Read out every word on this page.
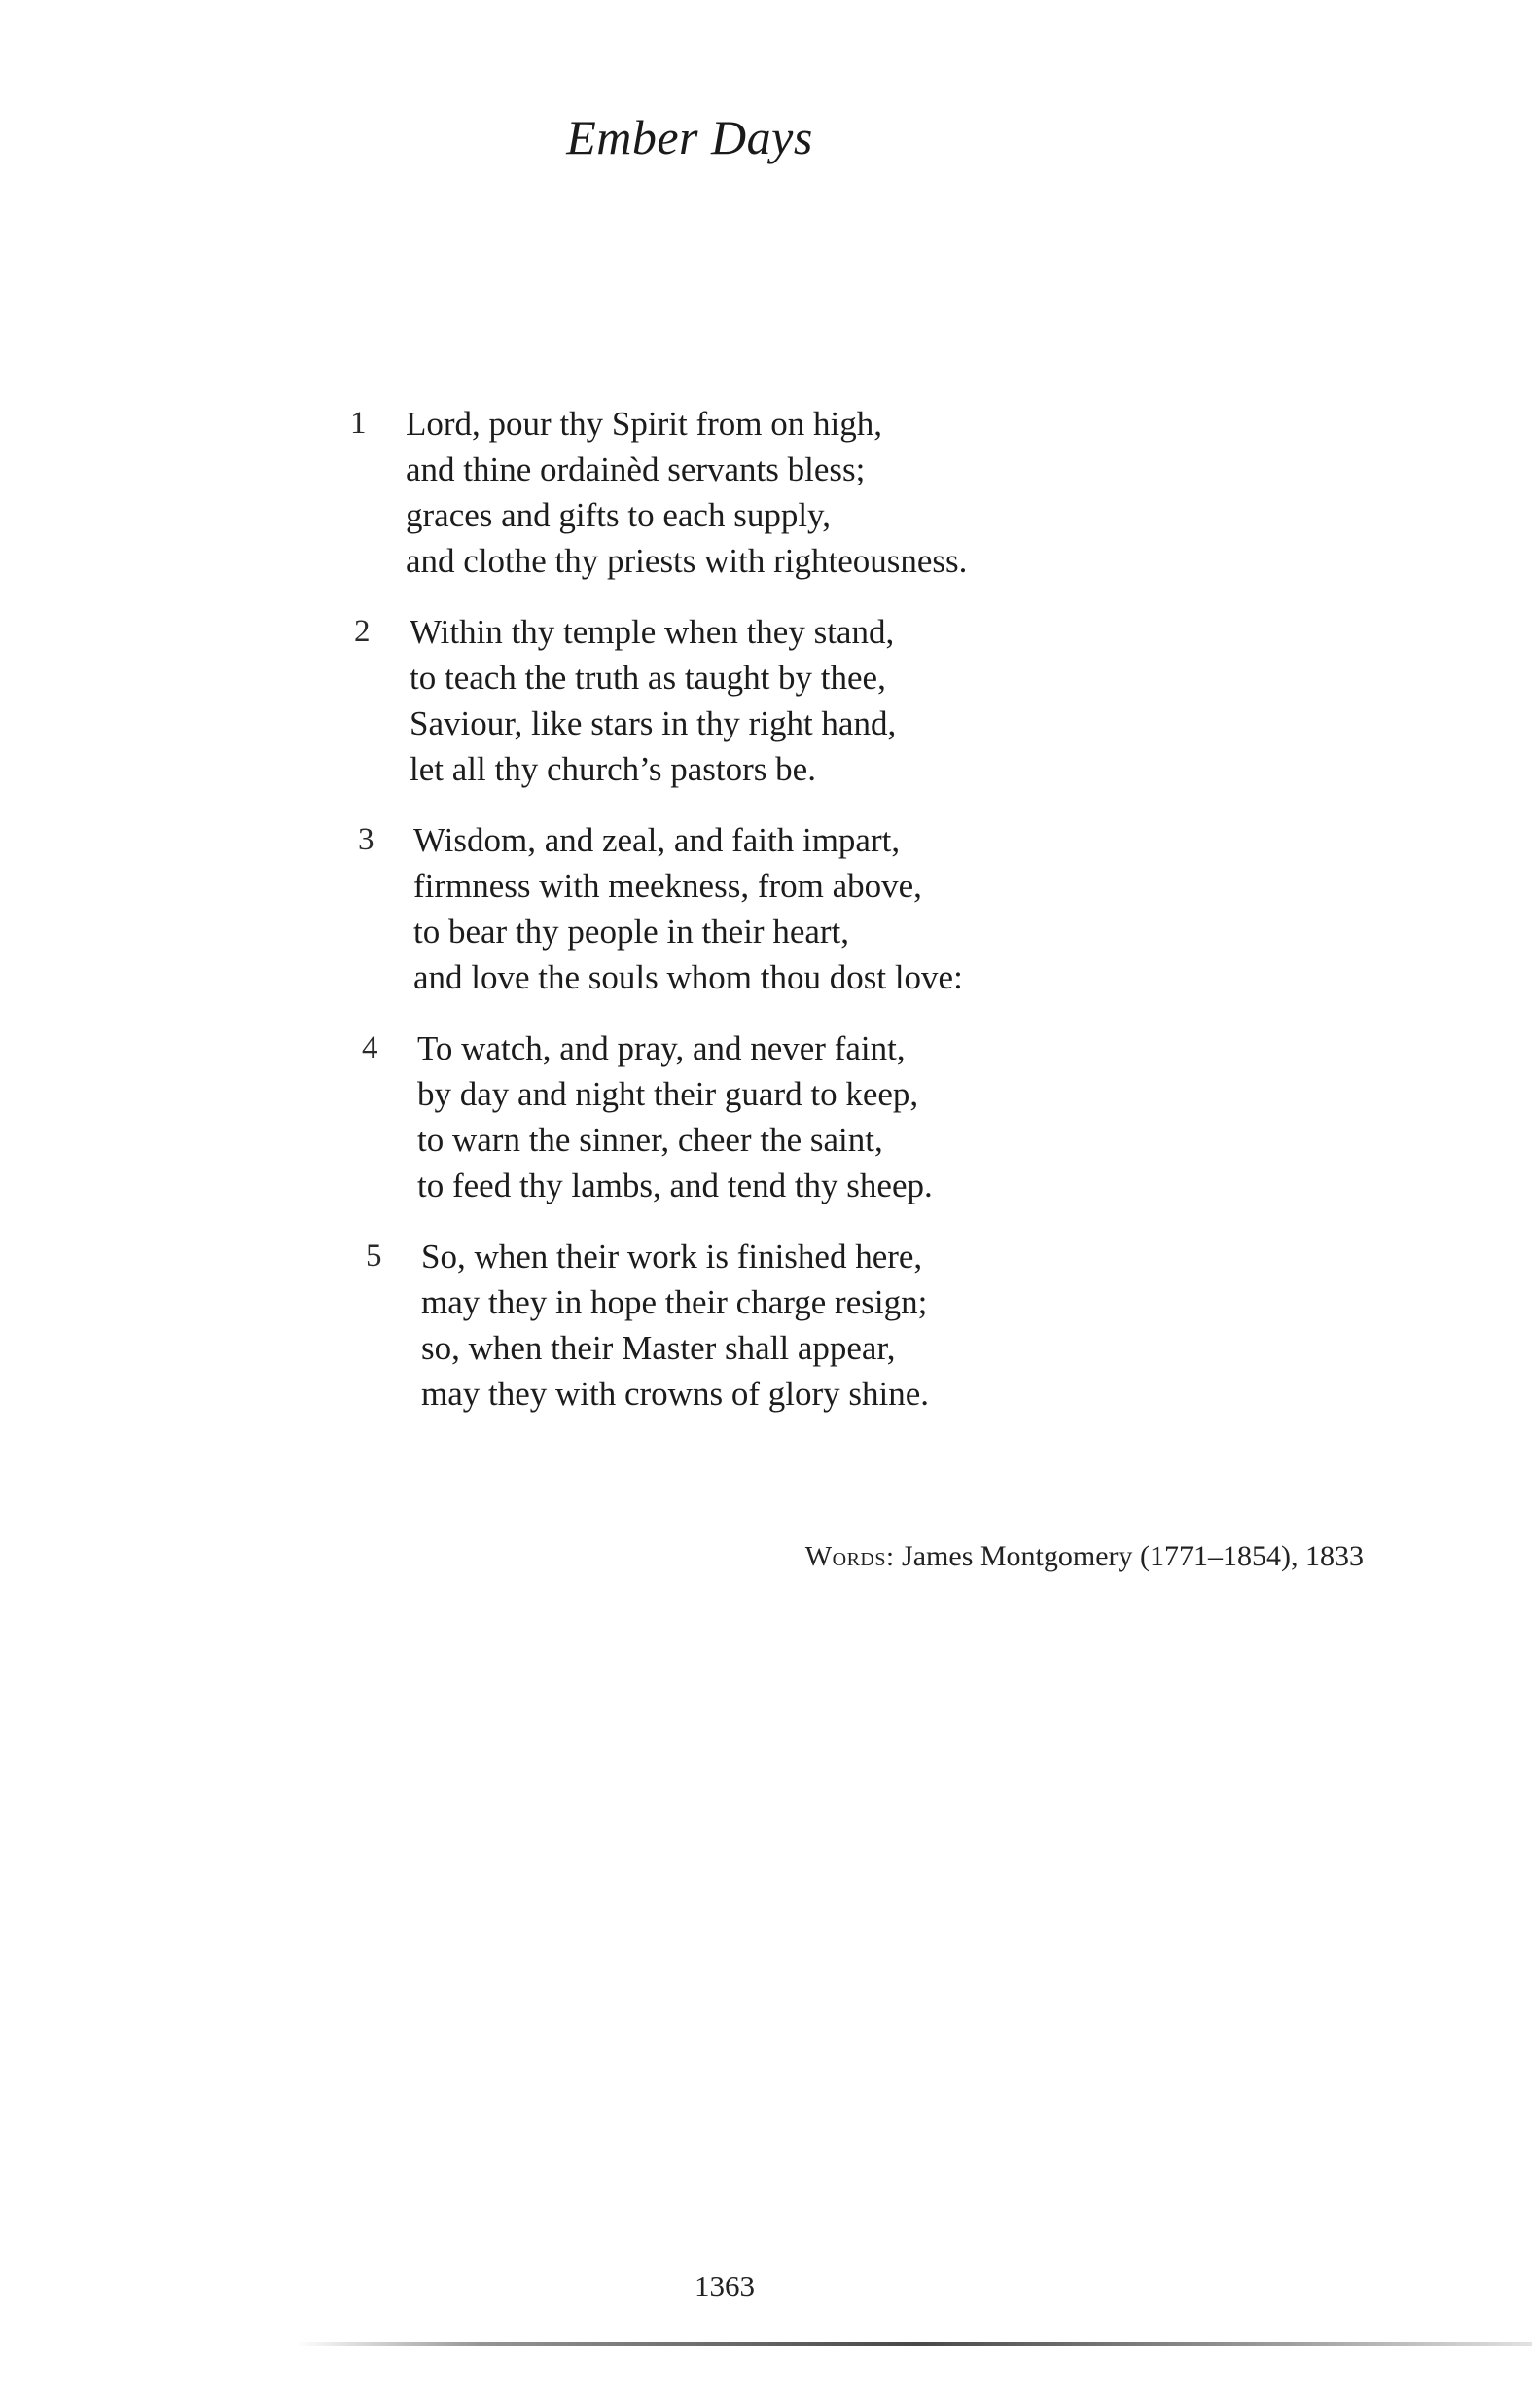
Ember Days
1 Lord, pour thy Spirit from on high,
and thine ordainèd servants bless;
graces and gifts to each supply,
and clothe thy priests with righteousness.
2 Within thy temple when they stand,
to teach the truth as taught by thee,
Saviour, like stars in thy right hand,
let all thy church’s pastors be.
3 Wisdom, and zeal, and faith impart,
firmness with meekness, from above,
to bear thy people in their heart,
and love the souls whom thou dost love:
4 To watch, and pray, and never faint,
by day and night their guard to keep,
to warn the sinner, cheer the saint,
to feed thy lambs, and tend thy sheep.
5 So, when their work is finished here,
may they in hope their charge resign;
so, when their Master shall appear,
may they with crowns of glory shine.
Words: James Montgomery (1771–1854), 1833
1363
